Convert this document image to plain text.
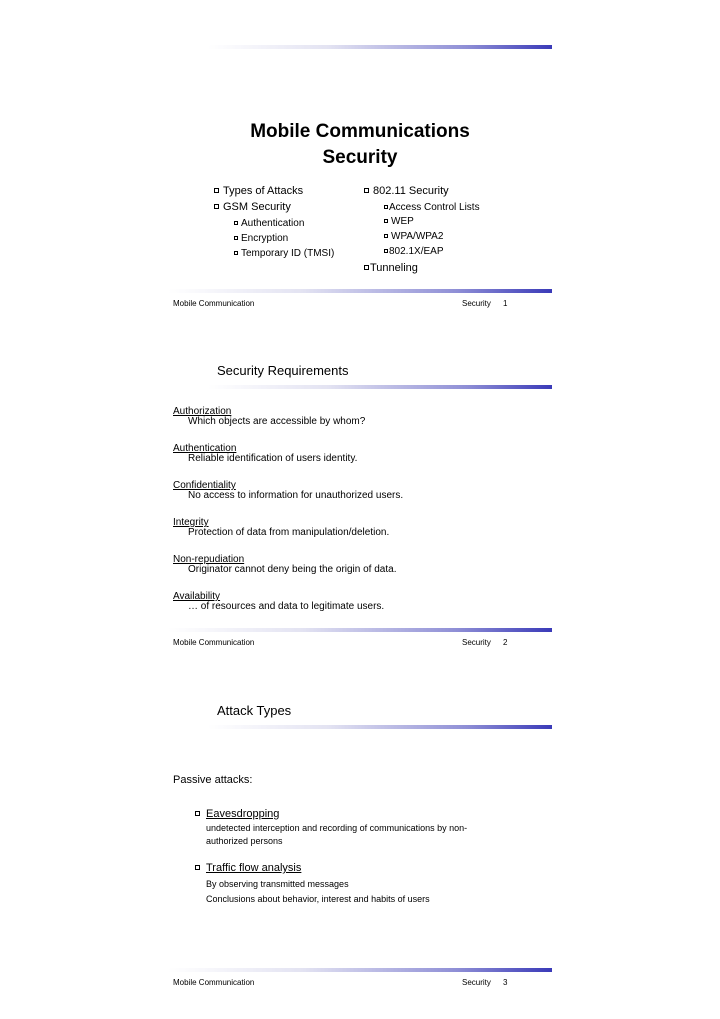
Mobile Communications
Security
Types of Attacks
GSM Security
Authentication
Encryption
Temporary ID (TMSI)
802.11 Security
Access Control Lists
WEP
WPA/WPA2
802.1X/EAP
Tunneling
Mobile Communication	Security 1
Security Requirements
Authorization
Which objects are accessible by whom?
Authentication
Reliable identification of users identity.
Confidentiality
No access to information for unauthorized users.
Integrity
Protection of data from manipulation/deletion.
Non-repudiation
Originator cannot deny being the origin of data.
Availability
… of resources and data to legitimate users.
Mobile Communication	Security 2
Attack Types
Passive attacks:
Eavesdropping
undetected interception and recording of communications by non-
authorized persons
Traffic flow analysis
By observing transmitted messages
Conclusions about behavior, interest and habits of users
Mobile Communication	Security 3
